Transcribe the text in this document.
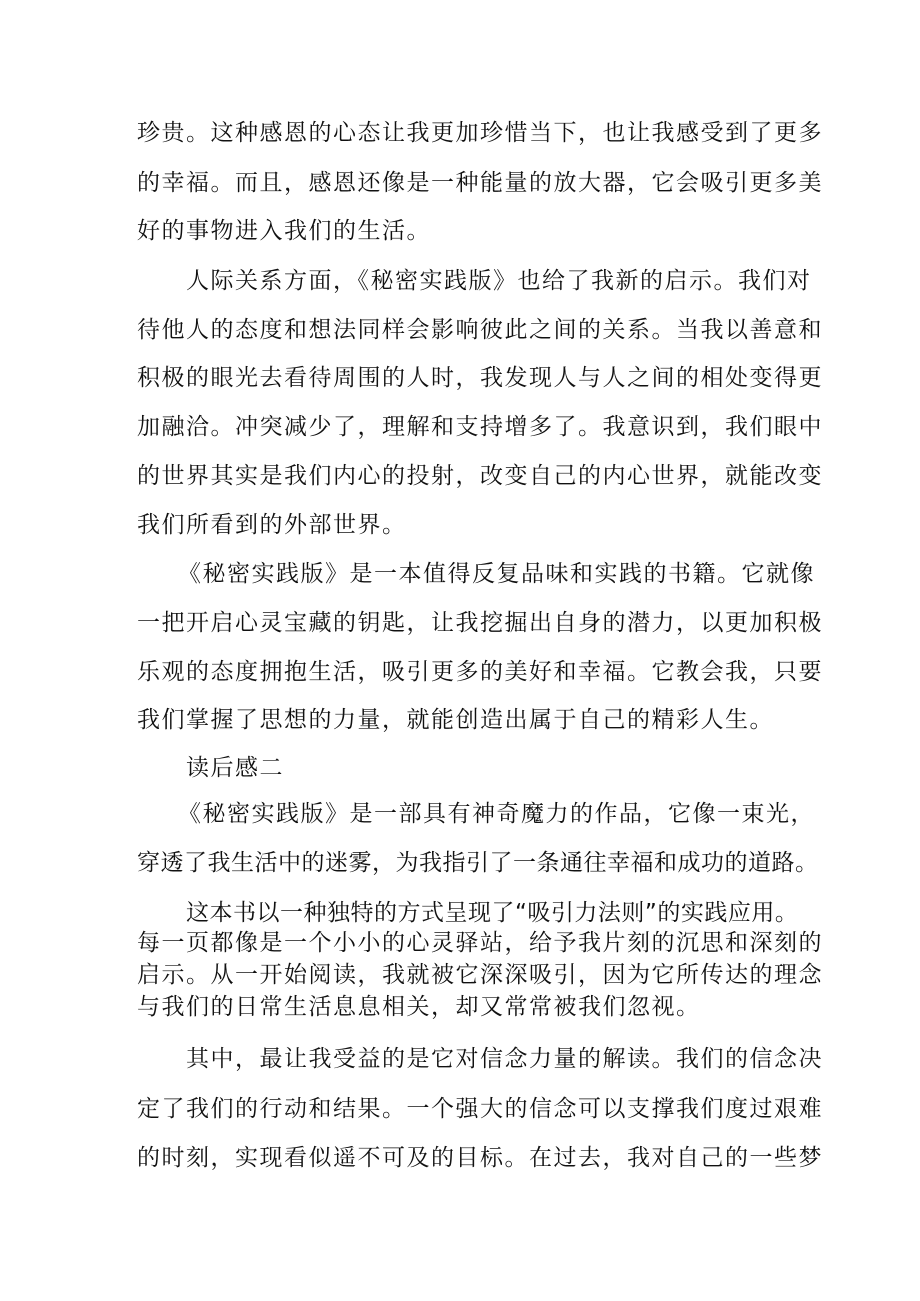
珍贵。这种感恩的心态让我更加珍惜当下，也让我感受到了更多
的幸福。而且，感恩还像是一种能量的放大器，它会吸引更多美
好的事物进入我们的生活。
人际关系方面，《秘密实践版》也给了我新的启示。我们对
待他人的态度和想法同样会影响彼此之间的关系。当我以善意和
积极的眼光去看待周围的人时，我发现人与人之间的相处变得更
加融洽。冲突减少了，理解和支持增多了。我意识到，我们眼中
的世界其实是我们内心的投射，改变自己的内心世界，就能改变
我们所看到的外部世界。
《秘密实践版》是一本值得反复品味和实践的书籍。它就像
一把开启心灵宝藏的钥匙，让我挖掘出自身的潜力，以更加积极
乐观的态度拥抱生活，吸引更多的美好和幸福。它教会我，只要
我们掌握了思想的力量，就能创造出属于自己的精彩人生。
读后感二
《秘密实践版》是一部具有神奇魔力的作品，它像一束光，
穿透了我生活中的迷雾，为我指引了一条通往幸福和成功的道路。
这本书以一种独特的方式呈现了“吸引力法则”的实践应用。
每一页都像是一个小小的心灵驿站，给予我片刻的沉思和深刻的
启示。从一开始阅读，我就被它深深吸引，因为它所传达的理念
与我们的日常生活息息相关，却又常常被我们忽视。
其中，最让我受益的是它对信念力量的解读。我们的信念决
定了我们的行动和结果。一个强大的信念可以支撑我们度过艰难
的时刻，实现看似遥不可及的目标。在过去，我对自己的一些梦
